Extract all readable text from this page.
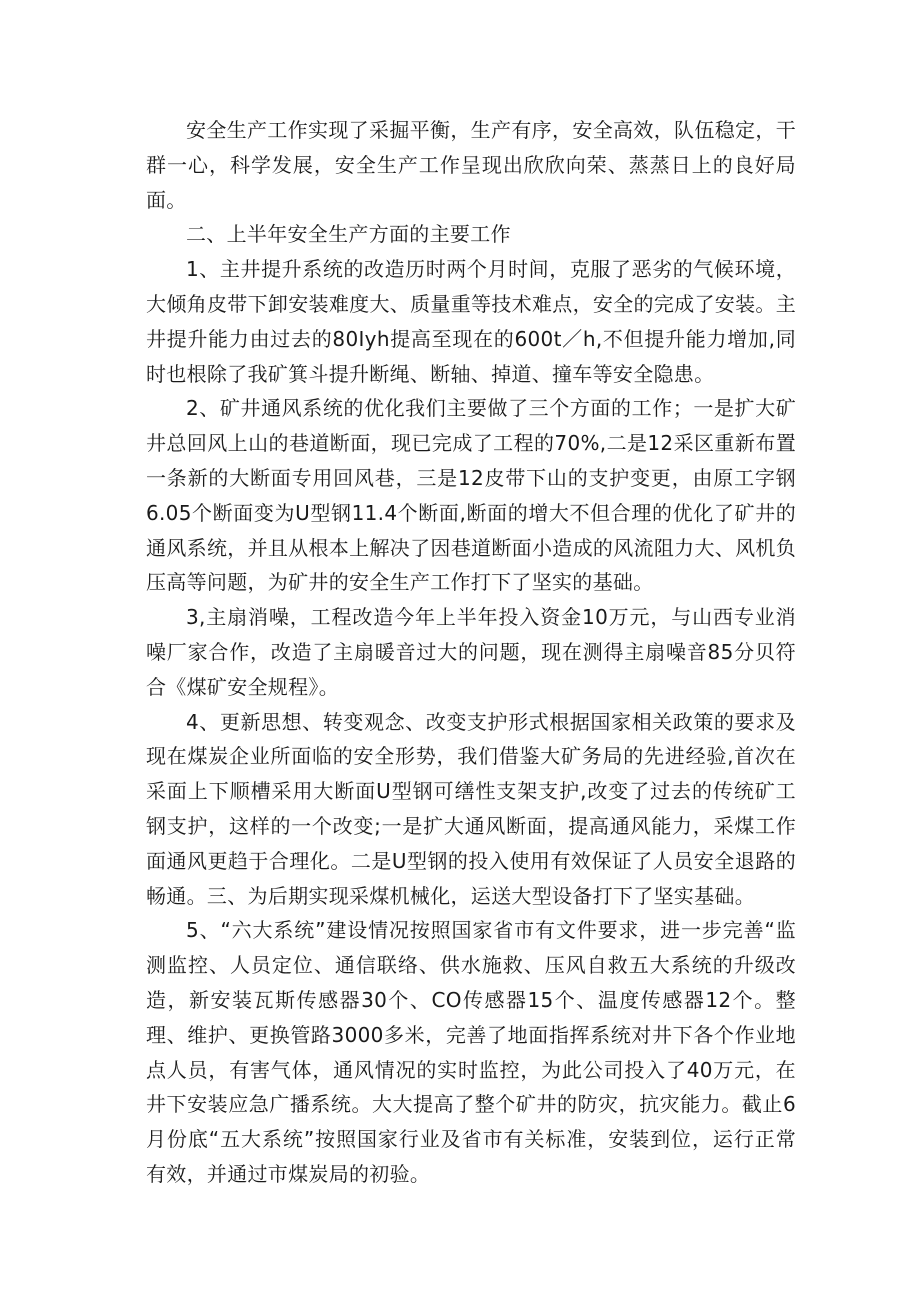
安全生产工作实现了采掘平衡，生产有序，安全高效，队伍稳定，干群一心，科学发展，安全生产工作呈现出欣欣向荣、蒸蒸日上的良好局面。

二、上半年安全生产方面的主要工作

1、主井提升系统的改造历时两个月时间，克服了恶劣的气候环境，大倾角皮带下卸安装难度大、质量重等技术难点，安全的完成了安装。主井提升能力由过去的80Iyh提高至现在的600t／h,不但提升能力增加,同时也根除了我矿箕斗提升断绳、断轴、掉道、撞车等安全隐患。

2、矿井通风系统的优化我们主要做了三个方面的工作；一是扩大矿井总回风上山的巷道断面，现已完成了工程的70%,二是12采区重新布置一条新的大断面专用回风巷，三是12皮带下山的支护变更，由原工字钢6.05个断面变为U型钢11.4个断面,断面的增大不但合理的优化了矿井的通风系统，并且从根本上解决了因巷道断面小造成的风流阻力大、风机负压高等问题，为矿井的安全生产工作打下了坚实的基础。

3,主扇消噪，工程改造今年上半年投入资金10万元，与山西专业消噪厂家合作，改造了主扇暖音过大的问题，现在测得主扇噪音85分贝符合《煤矿安全规程》。

4、更新思想、转变观念、改变支护形式根据国家相关政策的要求及现在煤炭企业所面临的安全形势，我们借鉴大矿务局的先进经验,首次在采面上下顺槽采用大断面U型钢可缮性支架支护,改变了过去的传统矿工钢支护，这样的一个改变;一是扩大通风断面，提高通风能力，采煤工作面通风更趋于合理化。二是U型钢的投入使用有效保证了人员安全退路的畅通。三、为后期实现采煤机械化，运送大型设备打下了坚实基础。

5、“六大系统”建设情况按照国家省市有文件要求，进一步完善“监测监控、人员定位、通信联络、供水施救、压风自救五大系统的升级改造，新安装瓦斯传感器30个、CO传感器15个、温度传感器12个。整理、维护、更换管路3000多米，完善了地面指挥系统对井下各个作业地点人员，有害气体，通风情况的实时监控，为此公司投入了40万元，在井下安装应急广播系统。大大提高了整个矿井的防灾，抗灾能力。截止6月份底“五大系统”按照国家行业及省市有关标准，安装到位，运行正常有效，并通过市煤炭局的初验。
